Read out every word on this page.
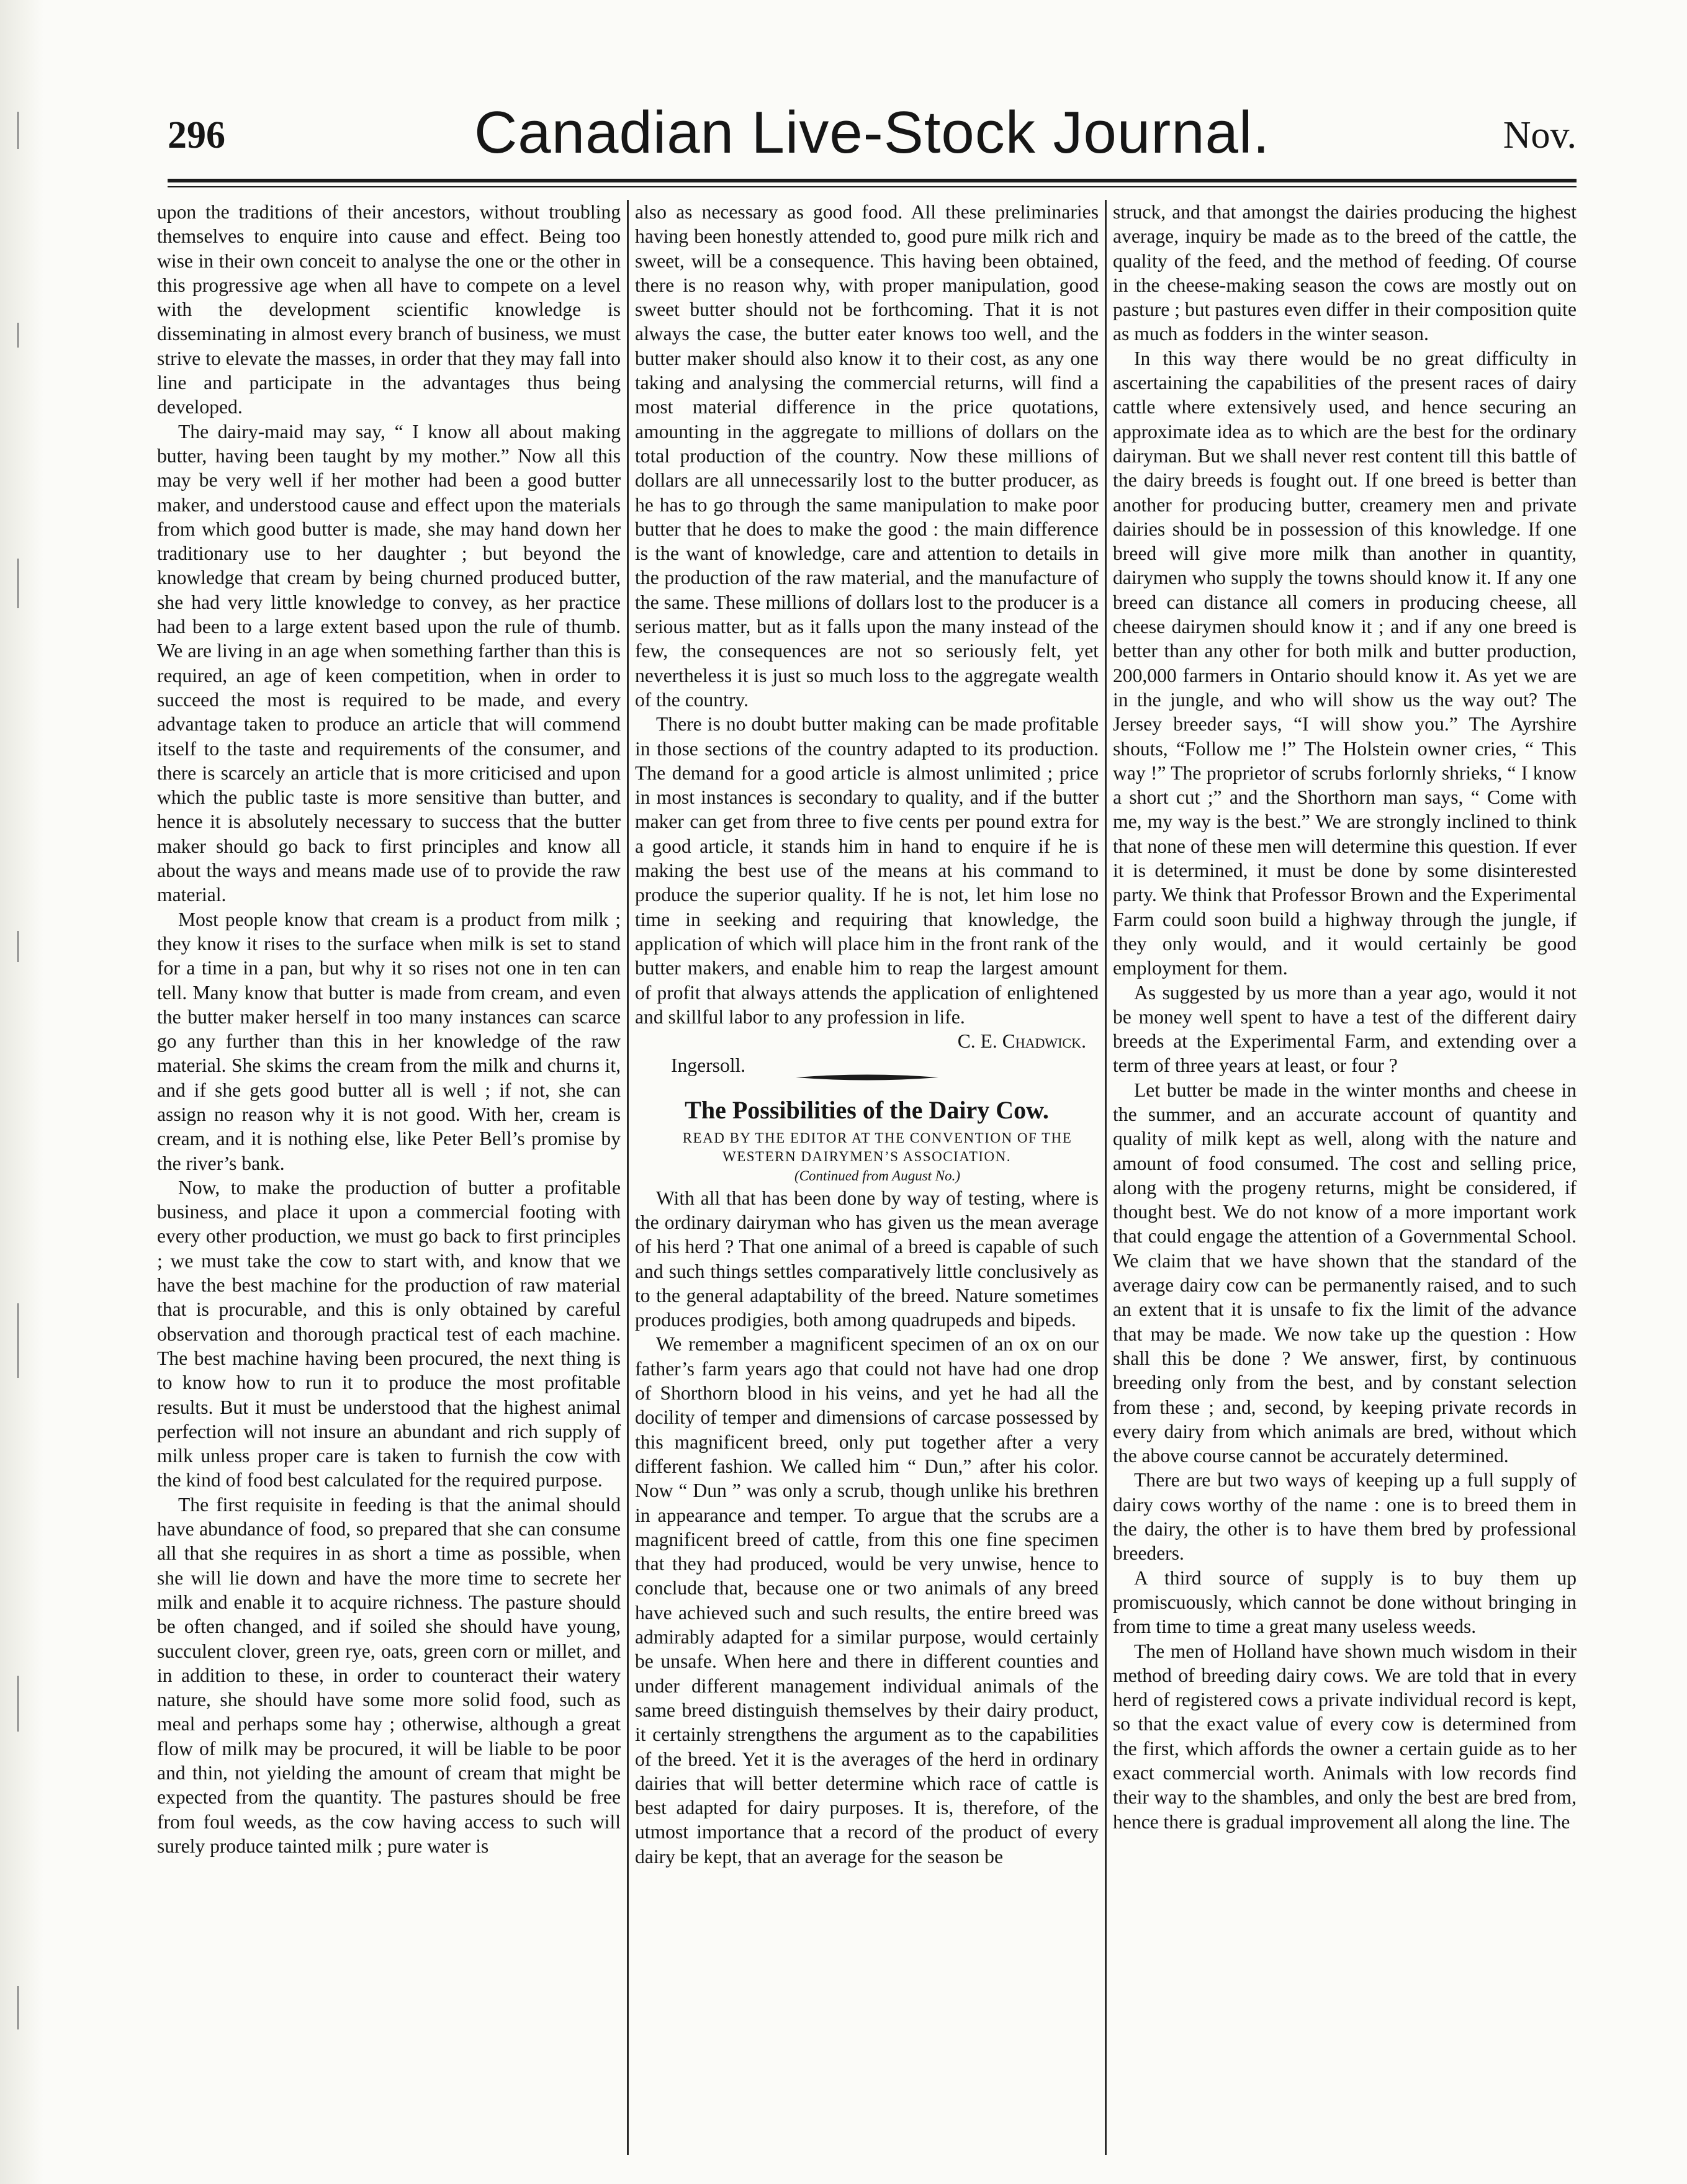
296	Canadian Live-Stock Journal.	Nov.

upon the traditions of their ancestors, without troubling themselves to enquire into cause and effect. Being too wise in their own conceit to analyse the one or the other in this progressive age when all have to compete on a level with the development scientific knowledge is disseminating in almost every branch of business, we must strive to elevate the masses, in order that they may fall into line and participate in the advantages thus being developed.

The dairy-maid may say, “ I know all about making butter, having been taught by my mother.” Now all this may be very well if her mother had been a good butter maker, and understood cause and effect upon the materials from which good butter is made, she may hand down her traditionary use to her daughter ; but beyond the knowledge that cream by being churned produced butter, she had very little knowledge to convey, as her practice had been to a large extent based upon the rule of thumb. We are living in an age when something farther than this is required, an age of keen competition, when in order to succeed the most is required to be made, and every advantage taken to produce an article that will commend itself to the taste and requirements of the consumer, and there is scarcely an article that is more criticised and upon which the public taste is more sensitive than butter, and hence it is absolutely necessary to success that the butter maker should go back to first principles and know all about the ways and means made use of to provide the raw material.

Most people know that cream is a product from milk ; they know it rises to the surface when milk is set to stand for a time in a pan, but why it so rises not one in ten can tell. Many know that butter is made from cream, and even the butter maker herself in too many instances can scarce go any further than this in her knowledge of the raw material. She skims the cream from the milk and churns it, and if she gets good butter all is well ; if not, she can assign no reason why it is not good. With her, cream is cream, and it is nothing else, like Peter Bell’s promise by the river’s bank.

Now, to make the production of butter a profitable business, and place it upon a commercial footing with every other production, we must go back to first principles ; we must take the cow to start with, and know that we have the best machine for the production of raw material that is procurable, and this is only obtained by careful observation and thorough practical test of each machine. The best machine having been procured, the next thing is to know how to run it to produce the most profitable results. But it must be understood that the highest animal perfection will not insure an abundant and rich supply of milk unless proper care is taken to furnish the cow with the kind of food best calculated for the required purpose.

The first requisite in feeding is that the animal should have abundance of food, so prepared that she can consume all that she requires in as short a time as possible, when she will lie down and have the more time to secrete her milk and enable it to acquire richness. The pasture should be often changed, and if soiled she should have young, succulent clover, green rye, oats, green corn or millet, and in addition to these, in order to counteract their watery nature, she should have some more solid food, such as meal and perhaps some hay ; otherwise, although a great flow of milk may be procured, it will be liable to be poor and thin, not yielding the amount of cream that might be expected from the quantity. The pastures should be free from foul weeds, as the cow having access to such will surely produce tainted milk ; pure water is

also as necessary as good food. All these preliminaries having been honestly attended to, good pure milk rich and sweet, will be a consequence. This having been obtained, there is no reason why, with proper manipulation, good sweet butter should not be forthcoming. That it is not always the case, the butter eater knows too well, and the butter maker should also know it to their cost, as any one taking and analysing the commercial returns, will find a most material difference in the price quotations, amounting in the aggregate to millions of dollars on the total production of the country. Now these millions of dollars are all unnecessarily lost to the butter producer, as he has to go through the same manipulation to make poor butter that he does to make the good : the main difference is the want of knowledge, care and attention to details in the production of the raw material, and the manufacture of the same. These millions of dollars lost to the producer is a serious matter, but as it falls upon the many instead of the few, the consequences are not so seriously felt, yet nevertheless it is just so much loss to the aggregate wealth of the country.

There is no doubt butter making can be made profitable in those sections of the country adapted to its production. The demand for a good article is almost unlimited ; price in most instances is secondary to quality, and if the butter maker can get from three to five cents per pound extra for a good article, it stands him in hand to enquire if he is making the best use of the means at his command to produce the superior quality. If he is not, let him lose no time in seeking and requiring that knowledge, the application of which will place him in the front rank of the butter makers, and enable him to reap the largest amount of profit that always attends the application of enlightened and skillful labor to any profession in life.

C. E. Chadwick.

Ingersoll.

The Possibilities of the Dairy Cow.

READ BY THE EDITOR AT THE CONVENTION OF THE WESTERN DAIRYMEN’S ASSOCIATION.

(Continued from August No.)

With all that has been done by way of testing, where is the ordinary dairyman who has given us the mean average of his herd ? That one animal of a breed is capable of such and such things settles comparatively little conclusively as to the general adaptability of the breed. Nature sometimes produces prodigies, both among quadrupeds and bipeds.

We remember a magnificent specimen of an ox on our father’s farm years ago that could not have had one drop of Shorthorn blood in his veins, and yet he had all the docility of temper and dimensions of carcase possessed by this magnificent breed, only put together after a very different fashion. We called him “ Dun,” after his color. Now “ Dun ” was only a scrub, though unlike his brethren in appearance and temper. To argue that the scrubs are a magnificent breed of cattle, from this one fine specimen that they had produced, would be very unwise, hence to conclude that, because one or two animals of any breed have achieved such and such results, the entire breed was admirably adapted for a similar purpose, would certainly be unsafe. When here and there in different counties and under different management individual animals of the same breed distinguish themselves by their dairy product, it certainly strengthens the argument as to the capabilities of the breed. Yet it is the averages of the herd in ordinary dairies that will better determine which race of cattle is best adapted for dairy purposes. It is, therefore, of the utmost importance that a record of the product of every dairy be kept, that an average for the season be

struck, and that amongst the dairies producing the highest average, inquiry be made as to the breed of the cattle, the quality of the feed, and the method of feeding. Of course in the cheese-making season the cows are mostly out on pasture ; but pastures even differ in their composition quite as much as fodders in the winter season.

In this way there would be no great difficulty in ascertaining the capabilities of the present races of dairy cattle where extensively used, and hence securing an approximate idea as to which are the best for the ordinary dairyman. But we shall never rest content till this battle of the dairy breeds is fought out. If one breed is better than another for producing butter, creamery men and private dairies should be in possession of this knowledge. If one breed will give more milk than another in quantity, dairymen who supply the towns should know it. If any one breed can distance all comers in producing cheese, all cheese dairymen should know it ; and if any one breed is better than any other for both milk and butter production, 200,000 farmers in Ontario should know it. As yet we are in the jungle, and who will show us the way out? The Jersey breeder says, “I will show you.” The Ayrshire shouts, “Follow me !” The Holstein owner cries, “ This way !” The proprietor of scrubs forlornly shrieks, “ I know a short cut ;” and the Shorthorn man says, “ Come with me, my way is the best.” We are strongly inclined to think that none of these men will determine this question. If ever it is determined, it must be done by some disinterested party. We think that Professor Brown and the Experimental Farm could soon build a highway through the jungle, if they only would, and it would certainly be good employment for them.

As suggested by us more than a year ago, would it not be money well spent to have a test of the different dairy breeds at the Experimental Farm, and extending over a term of three years at least, or four ?

Let butter be made in the winter months and cheese in the summer, and an accurate account of quantity and quality of milk kept as well, along with the nature and amount of food consumed. The cost and selling price, along with the progeny returns, might be considered, if thought best. We do not know of a more important work that could engage the attention of a Governmental School. We claim that we have shown that the standard of the average dairy cow can be permanently raised, and to such an extent that it is unsafe to fix the limit of the advance that may be made. We now take up the question : How shall this be done ? We answer, first, by continuous breeding only from the best, and by constant selection from these ; and, second, by keeping private records in every dairy from which animals are bred, without which the above course cannot be accurately determined.

There are but two ways of keeping up a full supply of dairy cows worthy of the name : one is to breed them in the dairy, the other is to have them bred by professional breeders.

A third source of supply is to buy them up promiscuously, which cannot be done without bringing in from time to time a great many useless weeds.

The men of Holland have shown much wisdom in their method of breeding dairy cows. We are told that in every herd of registered cows a private individual record is kept, so that the exact value of every cow is determined from the first, which affords the owner a certain guide as to her exact commercial worth. Animals with low records find their way to the shambles, and only the best are bred from, hence there is gradual improvement all along the line. The
